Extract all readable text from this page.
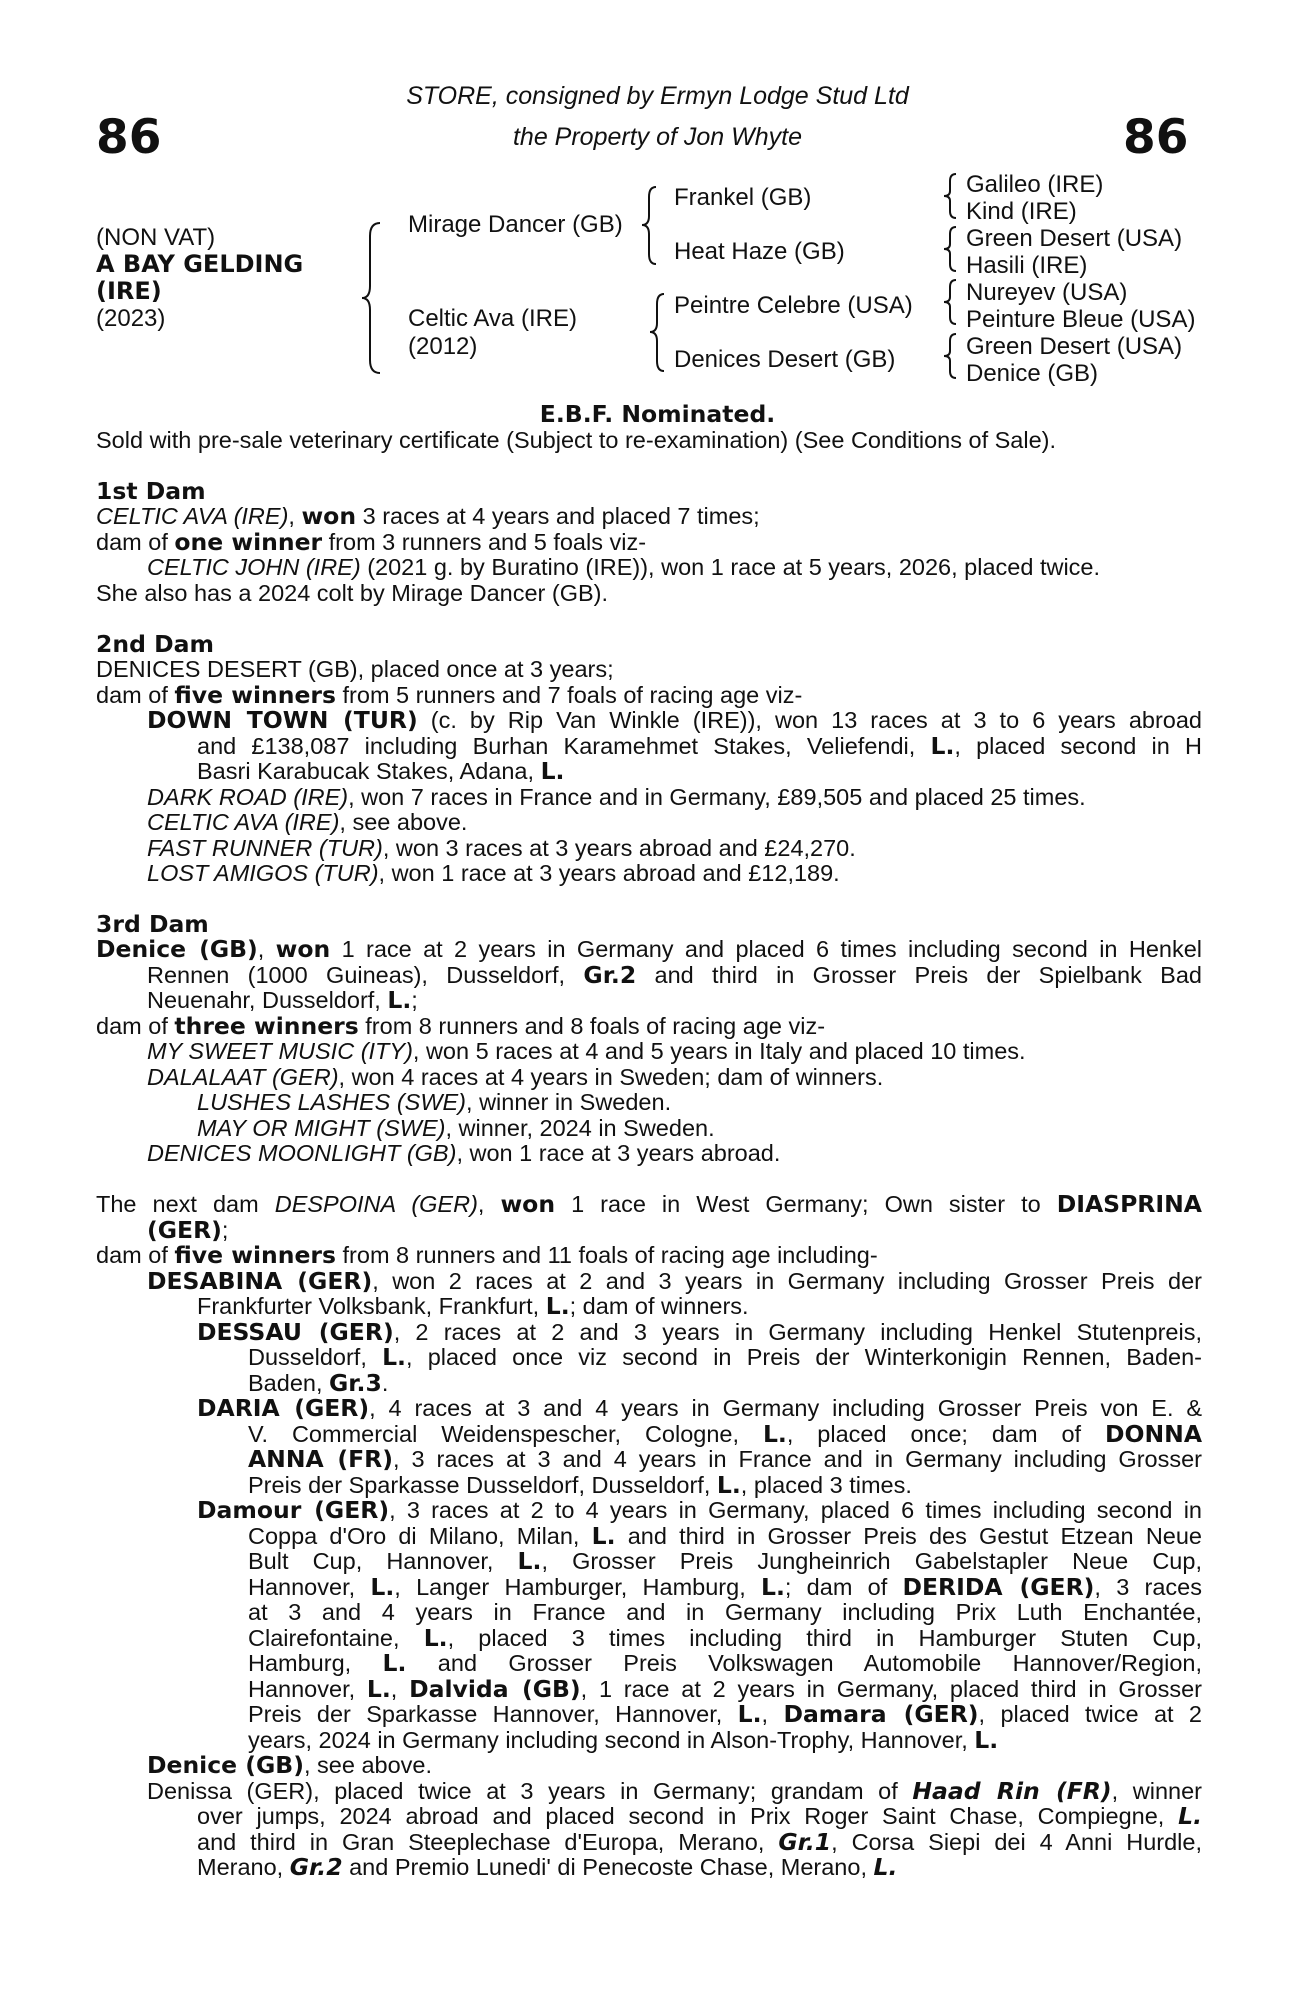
86	86
STORE, consigned by Ermyn Lodge Stud Ltd
the Property of Jon Whyte
(NON VAT)
A BAY GELDING
(IRE)
(2023)
Mirage Dancer (GB)
Celtic Ava (IRE)
(2012)
Frankel (GB)
Heat Haze (GB)
Peintre Celebre (USA)
Denices Desert (GB)
Galileo (IRE)
Kind (IRE)
Green Desert (USA)
Hasili (IRE)
Nureyev (USA)
Peinture Bleue (USA)
Green Desert (USA)
Denice (GB)
E.B.F. Nominated.
Sold with pre-sale veterinary certificate (Subject to re-examination) (See Conditions of Sale).
1st Dam
CELTIC AVA (IRE), won 3 races at 4 years and placed 7 times;
dam of one winner from 3 runners and 5 foals viz-
CELTIC JOHN (IRE) (2021 g. by Buratino (IRE)), won 1 race at 5 years, 2026, placed twice.
She also has a 2024 colt by Mirage Dancer (GB).
2nd Dam
DENICES DESERT (GB), placed once at 3 years;
dam of five winners from 5 runners and 7 foals of racing age viz-
DOWN TOWN (TUR) (c. by Rip Van Winkle (IRE)), won 13 races at 3 to 6 years abroad
and £138,087 including Burhan Karamehmet Stakes, Veliefendi, L., placed second in H
Basri Karabucak Stakes, Adana, L.
DARK ROAD (IRE), won 7 races in France and in Germany, £89,505 and placed 25 times.
CELTIC AVA (IRE), see above.
FAST RUNNER (TUR), won 3 races at 3 years abroad and £24,270.
LOST AMIGOS (TUR), won 1 race at 3 years abroad and £12,189.
3rd Dam
Denice (GB), won 1 race at 2 years in Germany and placed 6 times including second in Henkel
Rennen (1000 Guineas), Dusseldorf, Gr.2 and third in Grosser Preis der Spielbank Bad
Neuenahr, Dusseldorf, L.;
dam of three winners from 8 runners and 8 foals of racing age viz-
MY SWEET MUSIC (ITY), won 5 races at 4 and 5 years in Italy and placed 10 times.
DALALAAT (GER), won 4 races at 4 years in Sweden; dam of winners.
LUSHES LASHES (SWE), winner in Sweden.
MAY OR MIGHT (SWE), winner, 2024 in Sweden.
DENICES MOONLIGHT (GB), won 1 race at 3 years abroad.
The next dam DESPOINA (GER), won 1 race in West Germany; Own sister to DIASPRINA
(GER);
dam of five winners from 8 runners and 11 foals of racing age including-
DESABINA (GER), won 2 races at 2 and 3 years in Germany including Grosser Preis der
Frankfurter Volksbank, Frankfurt, L.; dam of winners.
DESSAU (GER), 2 races at 2 and 3 years in Germany including Henkel Stutenpreis,
Dusseldorf, L., placed once viz second in Preis der Winterkonigin Rennen, Baden-
Baden, Gr.3.
DARIA (GER), 4 races at 3 and 4 years in Germany including Grosser Preis von E. &
V. Commercial Weidenspescher, Cologne, L., placed once; dam of DONNA
ANNA (FR), 3 races at 3 and 4 years in France and in Germany including Grosser
Preis der Sparkasse Dusseldorf, Dusseldorf, L., placed 3 times.
Damour (GER), 3 races at 2 to 4 years in Germany, placed 6 times including second in
Coppa d'Oro di Milano, Milan, L. and third in Grosser Preis des Gestut Etzean Neue
Bult Cup, Hannover, L., Grosser Preis Jungheinrich Gabelstapler Neue Cup,
Hannover, L., Langer Hamburger, Hamburg, L.; dam of DERIDA (GER), 3 races
at 3 and 4 years in France and in Germany including Prix Luth Enchantée,
Clairefontaine, L., placed 3 times including third in Hamburger Stuten Cup,
Hamburg, L. and Grosser Preis Volkswagen Automobile Hannover/Region,
Hannover, L., Dalvida (GB), 1 race at 2 years in Germany, placed third in Grosser
Preis der Sparkasse Hannover, Hannover, L., Damara (GER), placed twice at 2
years, 2024 in Germany including second in Alson-Trophy, Hannover, L.
Denice (GB), see above.
Denissa (GER), placed twice at 3 years in Germany; grandam of Haad Rin (FR), winner
over jumps, 2024 abroad and placed second in Prix Roger Saint Chase, Compiegne, L.
and third in Gran Steeplechase d'Europa, Merano, Gr.1, Corsa Siepi dei 4 Anni Hurdle,
Merano, Gr.2 and Premio Lunedi' di Penecoste Chase, Merano, L.
